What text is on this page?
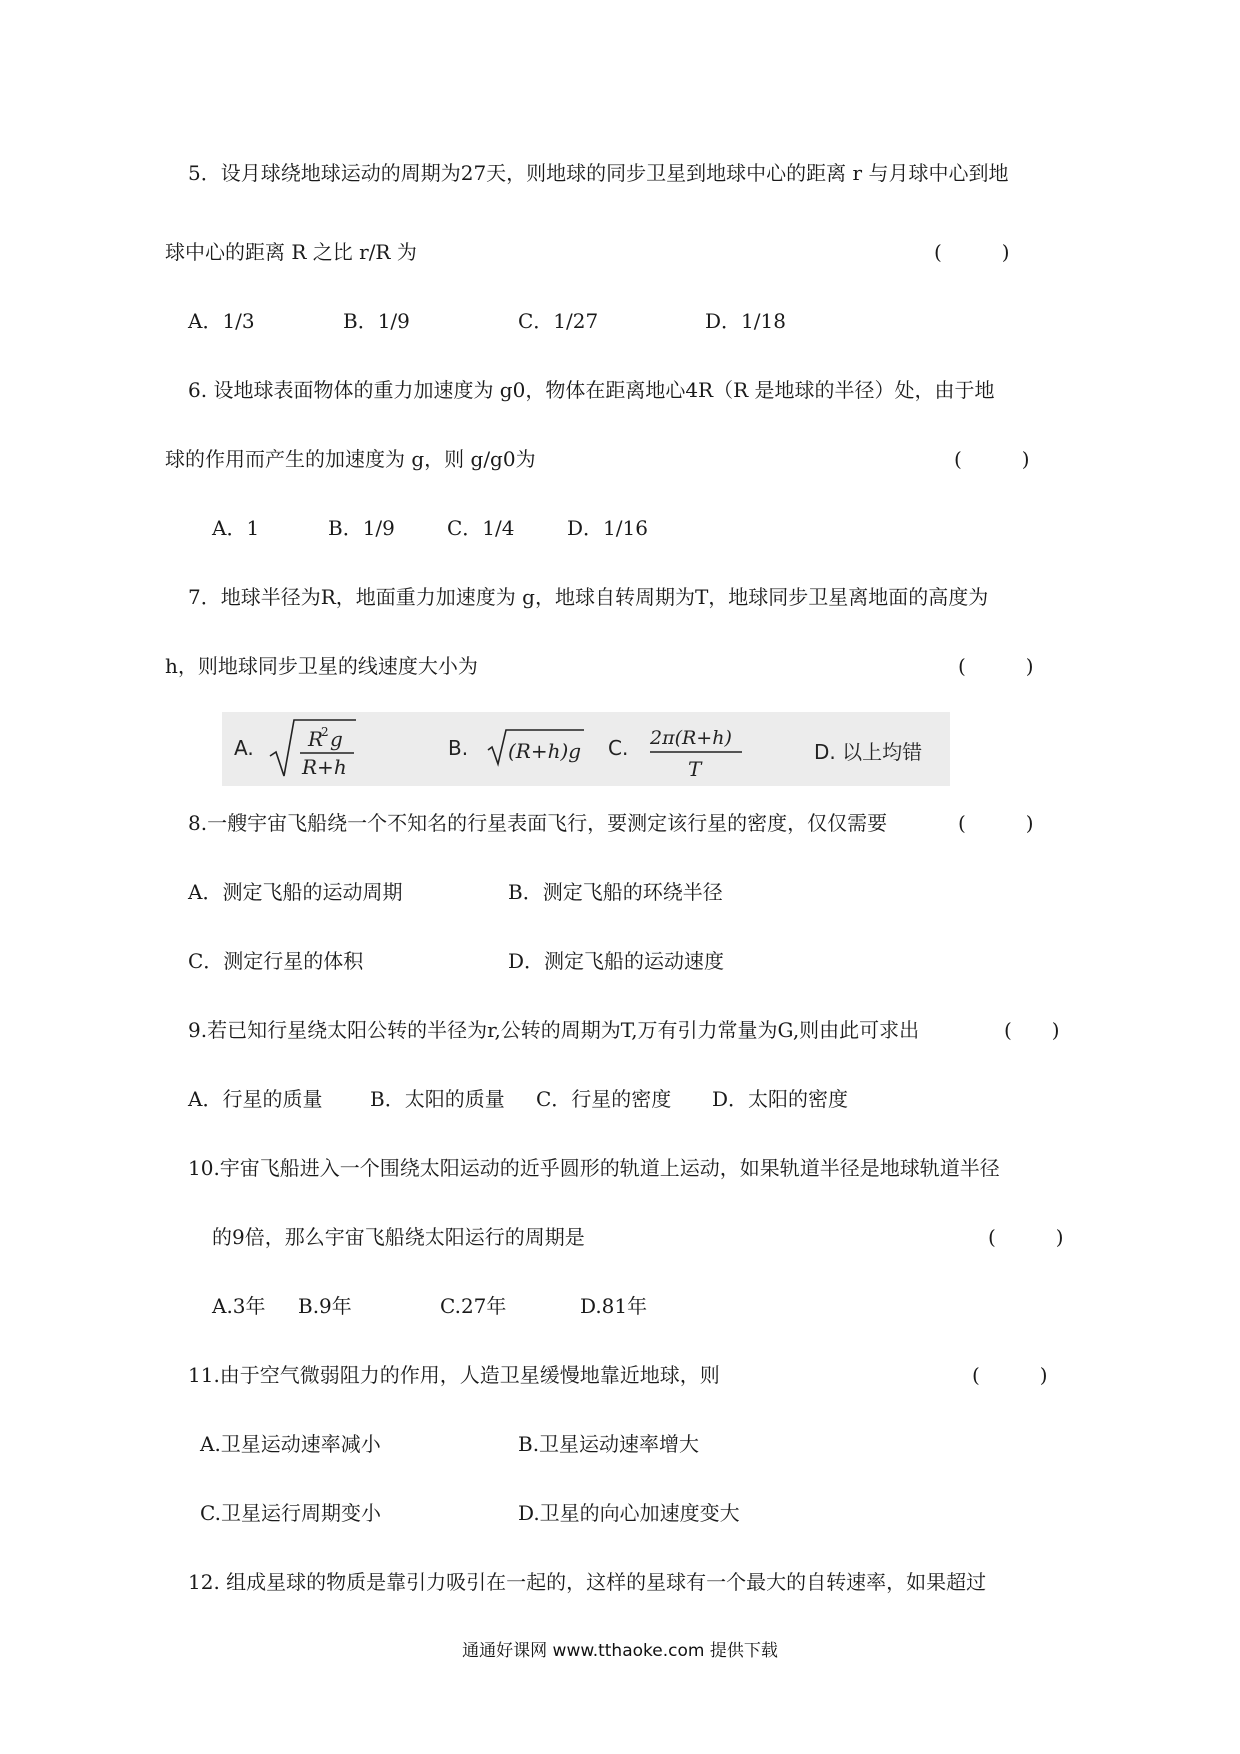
5．设月球绕地球运动的周期为27天，则地球的同步卫星到地球中心的距离 r 与月球中心到地
球中心的距离 R 之比 r/R 为	(　　　)
A．1/3	B．1/9	C．1/27	D．1/18
6. 设地球表面物体的重力加速度为 g0，物体在距离地心4R（R 是地球的半径）处，由于地
球的作用而产生的加速度为 g，则 g/g0为	(　　　)
A．1	B．1/9	C．1/4	D．1/16
7．地球半径为R，地面重力加速度为 g，地球自转周期为T，地球同步卫星离地面的高度为
h，则地球同步卫星的线速度大小为	(　　　)
A.	R
2 g
R+h
B. (R+h)g C. 2π(R+h)
T
D. 以上均错
8.一艘宇宙飞船绕一个不知名的行星表面飞行，要测定该行星的密度，仅仅需要	(　　　)
A．测定飞船的运动周期	B．测定飞船的环绕半径
C．测定行星的体积	D．测定飞船的运动速度
9.若已知行星绕太阳公转的半径为r,公转的周期为T,万有引力常量为G,则由此可求出	(　　)
A．行星的质量 B．太阳的质量 C．行星的密度 D．太阳的密度
10.宇宙飞船进入一个围绕太阳运动的近乎圆形的轨道上运动，如果轨道半径是地球轨道半径
的9倍，那么宇宙飞船绕太阳运行的周期是	(　　　)
A.3年 B.9年	C.27年	D.81年
11.由于空气微弱阻力的作用，人造卫星缓慢地靠近地球，则	(　　　)
A.卫星运动速率减小	B.卫星运动速率增大
C.卫星运行周期变小	D.卫星的向心加速度变大
12. 组成星球的物质是靠引力吸引在一起的，这样的星球有一个最大的自转速率，如果超过
通通好课网 www.tthaoke.com 提供下载
